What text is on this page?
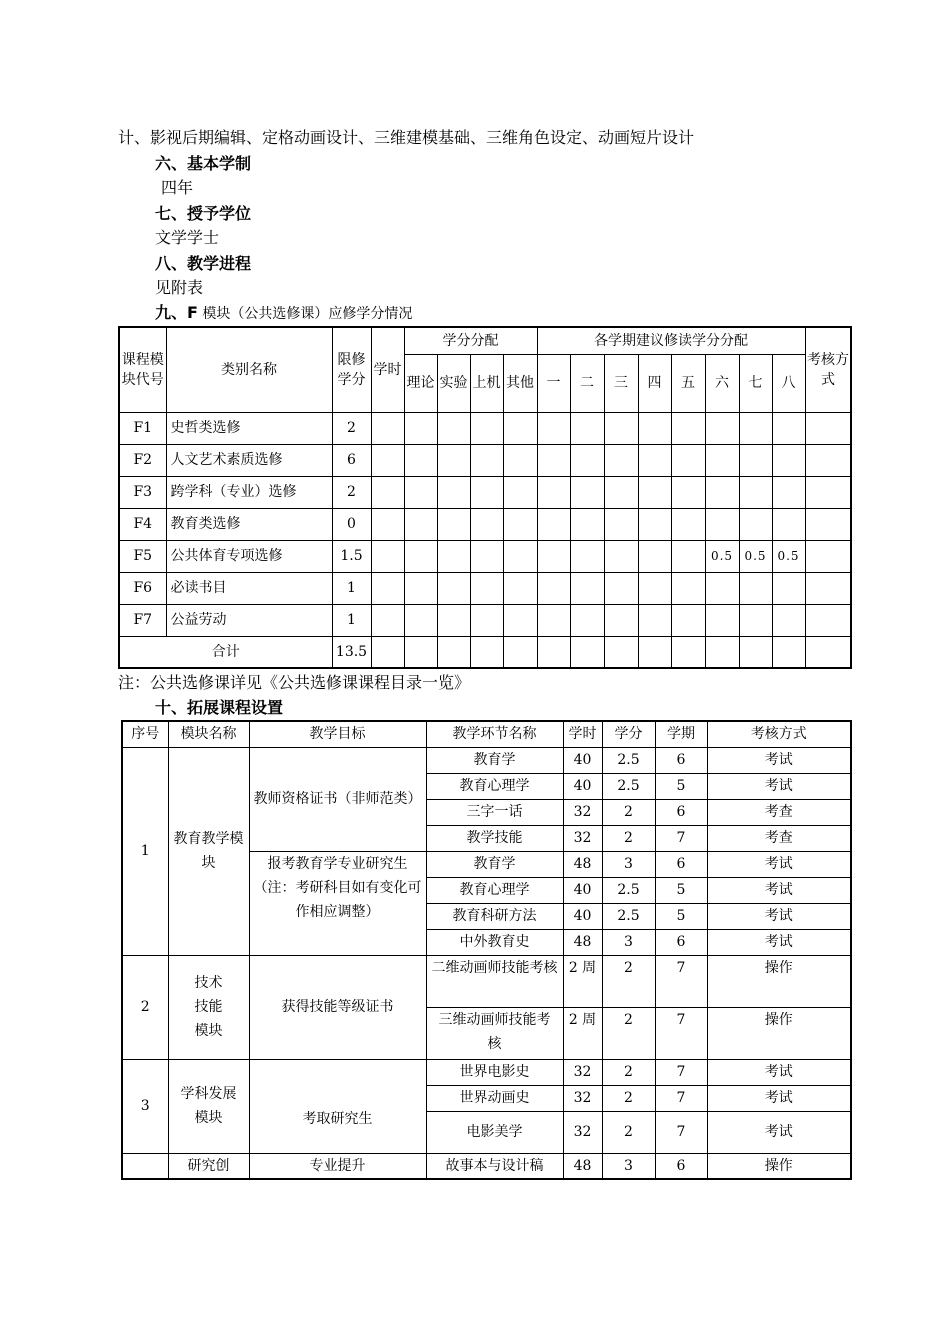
计、影视后期编辑、定格动画设计、三维建模基础、三维角色设定、动画短片设计
六、基本学制
四年
七、授予学位
文学学士
八、教学进程
见附表
九、F 模块（公共选修课）应修学分情况
课程模块代号	类别名称	限修学分	学时	学分分配				各学期建议修读学分分配								考核方式	
				理论	实验	上机	其他	一	二	三	四	五	六	七	八		
F1	史哲类选修	2															
F2	人文艺术素质选修	6															
F3	跨学科（专业）选修	2															
F4	教育类选修	0															
F5	公共体育专项选修	1.5											0.5	0.5	0.5		
F6	必读书目	1															
F7	公益劳动	1															
合计		13.5															
注：公共选修课详见《公共选修课课程目录一览》
十、拓展课程设置
序号	模块名称	教学目标	教学环节名称	学时	学分	学期	考核方式
1	教育教学模块	教师资格证书（非师范类）	教育学	40	2.5	6	考试
			教育心理学	40	2.5	5	考试
			三字一话	32	2	6	考查
			教学技能	32	2	7	考查
		报考教育学专业研究生（注：考研科目如有变化可作相应调整）	教育学	48	3	6	考试
			教育心理学	40	2.5	5	考试
			教育科研方法	40	2.5	5	考试
			中外教育史	48	3	6	考试
2	技术技能模块	获得技能等级证书	二维动画师技能考核	2 周	2	7	操作
			三维动画师技能考核	2 周	2	7	操作
3	学科发展模块	考取研究生	世界电影史	32	2	7	考试
			世界动画史	32	2	7	考试
			电影美学	32	2	7	考试
	研究创	专业提升	故事本与设计稿	48	3	6	操作
